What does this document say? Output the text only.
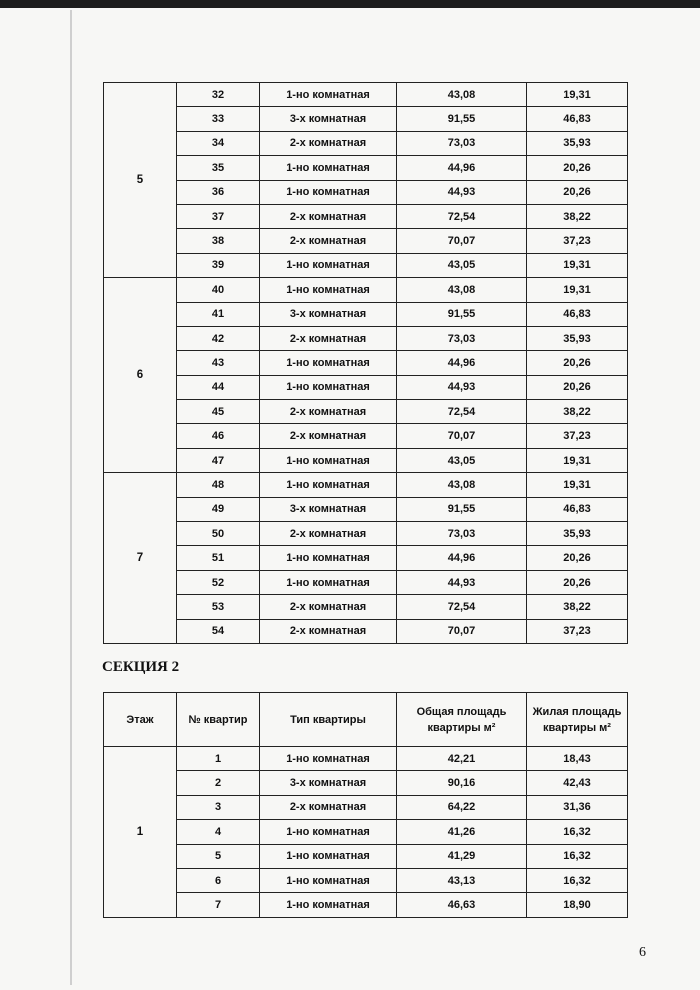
5	32	1-но комнатная	43,08	19,31
	33	3-х комнатная	91,55	46,83
	34	2-х комнатная	73,03	35,93
	35	1-но комнатная	44,96	20,26
	36	1-но комнатная	44,93	20,26
	37	2-х комнатная	72,54	38,22
	38	2-х комнатная	70,07	37,23
	39	1-но комнатная	43,05	19,31
6	40	1-но комнатная	43,08	19,31
	41	3-х комнатная	91,55	46,83
	42	2-х комнатная	73,03	35,93
	43	1-но комнатная	44,96	20,26
	44	1-но комнатная	44,93	20,26
	45	2-х комнатная	72,54	38,22
	46	2-х комнатная	70,07	37,23
	47	1-но комнатная	43,05	19,31
7	48	1-но комнатная	43,08	19,31
	49	3-х комнатная	91,55	46,83
	50	2-х комнатная	73,03	35,93
	51	1-но комнатная	44,96	20,26
	52	1-но комнатная	44,93	20,26
	53	2-х комнатная	72,54	38,22
	54	2-х комнатная	70,07	37,23
СЕКЦИЯ 2
Этаж	№ квартир	Тип квартиры	Общая площадь квартиры м²	Жилая площадь квартиры м²
1	1	1-но комнатная	42,21	18,43
	2	3-х комнатная	90,16	42,43
	3	2-х комнатная	64,22	31,36
	4	1-но комнатная	41,26	16,32
	5	1-но комнатная	41,29	16,32
	6	1-но комнатная	43,13	16,32
	7	1-но комнатная	46,63	18,90
6
